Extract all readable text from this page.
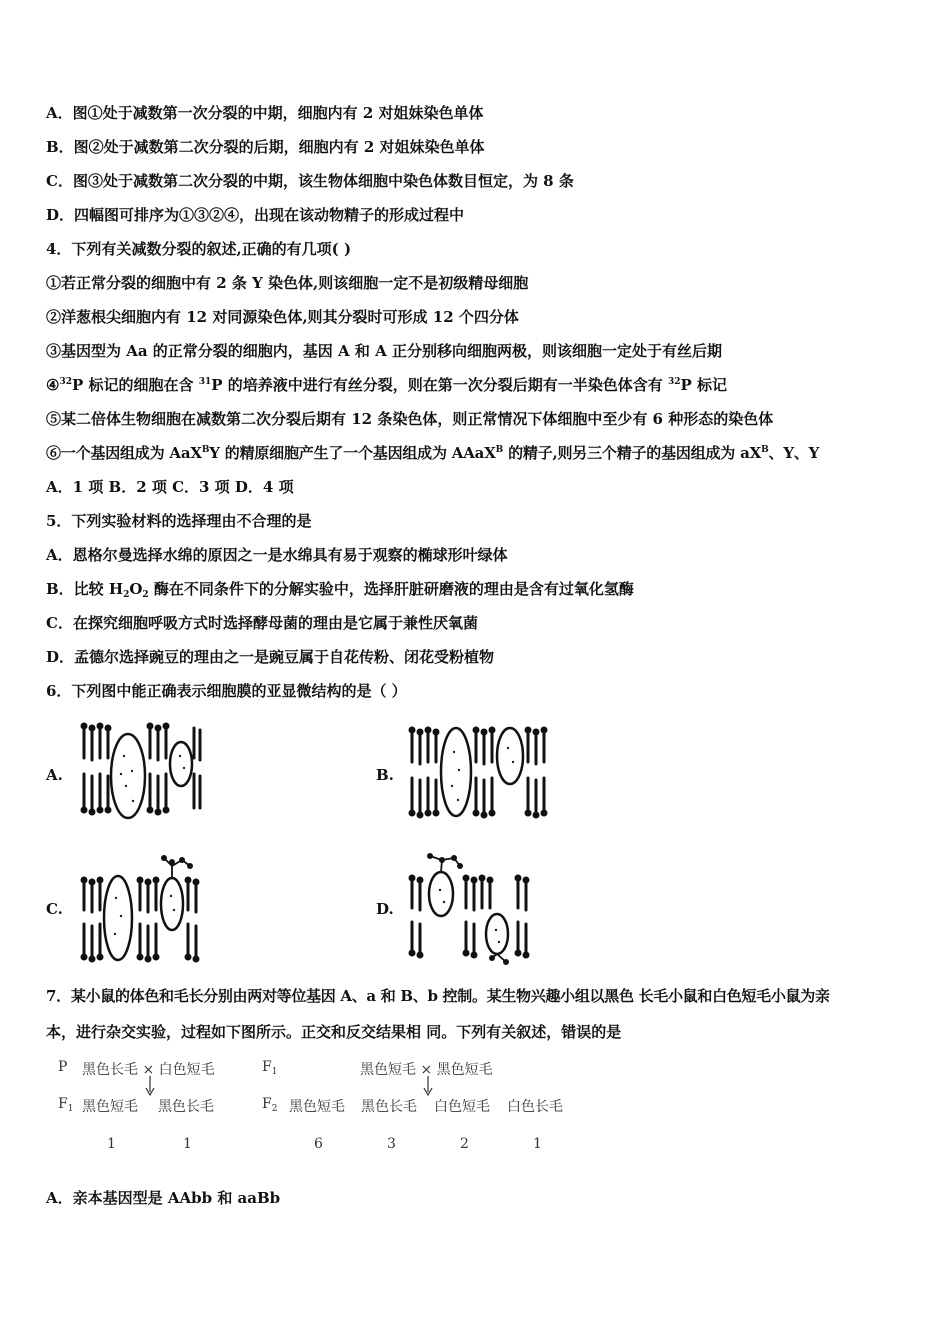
A．图①处于减数第一次分裂的中期，细胞内有 2 对姐妹染色单体
B．图②处于减数第二次分裂的后期，细胞内有 2 对姐妹染色单体
C．图③处于减数第二次分裂的中期，该生物体细胞中染色体数目恒定，为 8 条
D．四幅图可排序为①③②④，出现在该动物精子的形成过程中
4．下列有关减数分裂的叙述,正确的有几项( )
①若正常分裂的细胞中有 2 条 Y 染色体,则该细胞一定不是初级精母细胞
②洋葱根尖细胞内有 12 对同源染色体,则其分裂时可形成 12 个四分体
③基因型为 Aa 的正常分裂的细胞内，基因 A 和 A 正分别移向细胞两极，则该细胞一定处于有丝后期
④$^{32}$P 标记的细胞在含 $^{31}$P 的培养液中进行有丝分裂，则在第一次分裂后期有一半染色体含有 $^{32}$P 标记
⑤某二倍体生物细胞在减数第二次分裂后期有 12 条染色体，则正常情况下体细胞中至少有 6 种形态的染色体
⑥一个基因组成为 AaX$^B$Y 的精原细胞产生了一个基因组成为 AAaX$^B$ 的精子,则另三个精子的基因组成为 $aX^B$、Y、Y
A．1 项 B．2 项 C．3 项 D．4 项
5．下列实验材料的选择理由不合理的是
A．恩格尔曼选择水绵的原因之一是水绵具有易于观察的椭球形叶绿体
B．比较 $H_2O_2$ 酶在不同条件下的分解实验中，选择肝脏研磨液的理由是含有过氧化氢酶
C．在探究细胞呼吸方式时选择酵母菌的理由是它属于兼性厌氧菌
D．孟德尔选择豌豆的理由之一是豌豆属于自花传粉、闭花受粉植物
6．下列图中能正确表示细胞膜的亚显微结构的是（ ）
A.	B.
C.	D.
7．某小鼠的体色和毛长分别由两对等位基因 A、a 和 B、b 控制。某生物兴趣小组以黑色 长毛小鼠和白色短毛小鼠为亲
本，进行杂交实验，过程如下图所示。正交和反交结果相 同。下列有关叙述，错误的是
P 黑色长毛 × 白色短毛
$F_1$ 黑色短毛 黑色长毛
1	1
$F_1$	黑色短毛 × 黑色短毛
$F_2$ 黑色短毛 黑色长毛 白色短毛 白色长毛
6	3	2	1
A．亲本基因型是 AAbb 和 aaBb
